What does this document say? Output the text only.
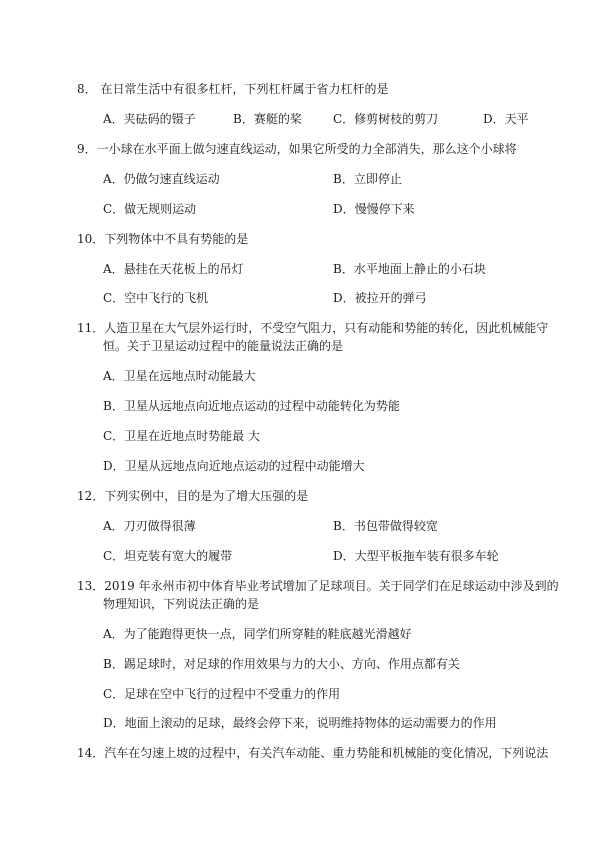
8． 在日常生活中有很多杠杆，下列杠杆属于省力杠杆的是
A．夹砝码的镊子	B．赛艇的桨	C．修剪树枝的剪刀	D．天平
9．一小球在水平面上做匀速直线运动，如果它所受的力全部消失，那么这个小球将
A．仍做匀速直线运动	B．立即停止
C．做无规则运动	D．慢慢停下来
10．下列物体中不具有势能的是
A．悬挂在天花板上的吊灯	B．水平地面上静止的小石块
C．空中飞行的飞机	D．被拉开的弹弓
11．人造卫星在大气层外运行时，不受空气阻力，只有动能和势能的转化，因此机械能守
恒。关于卫星运动过程中的能量说法正确的是
A．卫星在远地点时动能最大
B．卫星从远地点向近地点运动的过程中动能转化为势能
C．卫星在近地点时势能最 大
D．卫星从远地点向近地点运动的过程中动能增大
12．下列实例中，目的是为了增大压强的是
A．刀刃做得很薄	B．书包带做得较宽
C．坦克装有宽大的履带	D．大型平板拖车装有很多车轮
13．2019 年永州市初中体育毕业考试增加了足球项目。关于同学们在足球运动中涉及到的
物理知识，下列说法正确的是
A．为了能跑得更快一点，同学们所穿鞋的鞋底越光滑越好
B．踢足球时，对足球的作用效果与力的大小、方向、作用点都有关
C．足球在空中飞行的过程中不受重力的作用
D．地面上滚动的足球，最终会停下来，说明维持物体的运动需要力的作用
14．汽车在匀速上坡的过程中，有关汽车动能、重力势能和机械能的变化情况，下列说法
